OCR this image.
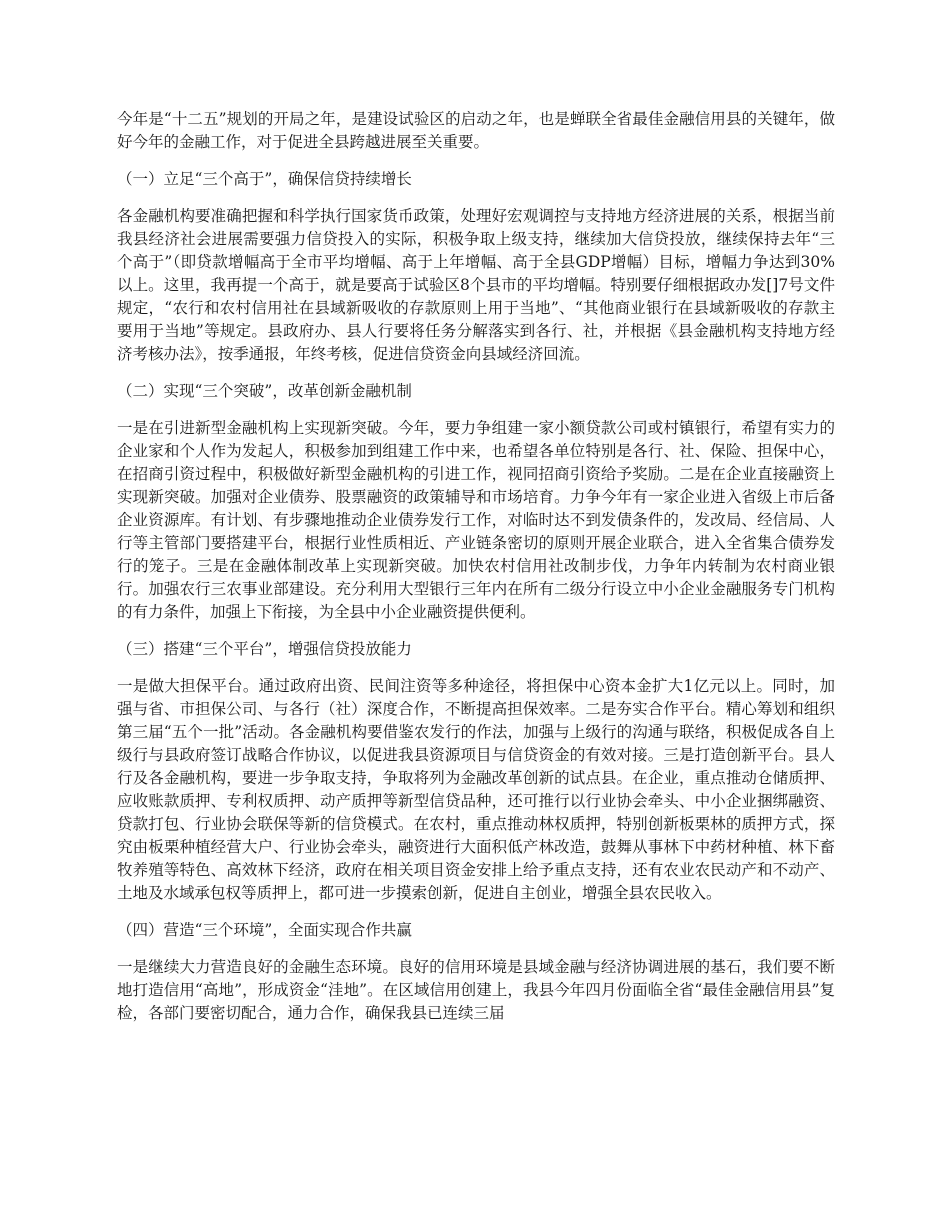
今年是“十二五”规划的开局之年，是建设试验区的启动之年，也是蝉联全省最佳金融信用县的关键年，做好今年的金融工作，对于促进全县跨越进展至关重要。

（一）立足“三个高于”，确保信贷持续增长

各金融机构要准确把握和科学执行国家货币政策，处理好宏观调控与支持地方经济进展的关系，根据当前我县经济社会进展需要强力信贷投入的实际，积极争取上级支持，继续加大信贷投放，继续保持去年“三个高于”（即贷款增幅高于全市平均增幅、高于上年增幅、高于全县GDP增幅）目标，增幅力争达到30%以上。这里，我再提一个高于，就是要高于试验区8个县市的平均增幅。特别要仔细根据政办发[]7号文件规定，“农行和农村信用社在县域新吸收的存款原则上用于当地”、“其他商业银行在县域新吸收的存款主要用于当地”等规定。县政府办、县人行要将任务分解落实到各行、社，并根据《县金融机构支持地方经济考核办法》，按季通报，年终考核，促进信贷资金向县域经济回流。

（二）实现“三个突破”，改革创新金融机制

一是在引进新型金融机构上实现新突破。今年，要力争组建一家小额贷款公司或村镇银行，希望有实力的企业家和个人作为发起人，积极参加到组建工作中来，也希望各单位特别是各行、社、保险、担保中心，在招商引资过程中，积极做好新型金融机构的引进工作，视同招商引资给予奖励。二是在企业直接融资上实现新突破。加强对企业债券、股票融资的政策辅导和市场培育。力争今年有一家企业进入省级上市后备企业资源库。有计划、有步骤地推动企业债券发行工作，对临时达不到发债条件的，发改局、经信局、人行等主管部门要搭建平台，根据行业性质相近、产业链条密切的原则开展企业联合，进入全省集合债券发行的笼子。三是在金融体制改革上实现新突破。加快农村信用社改制步伐，力争年内转制为农村商业银行。加强农行三农事业部建设。充分利用大型银行三年内在所有二级分行设立中小企业金融服务专门机构的有力条件，加强上下衔接，为全县中小企业融资提供便利。

（三）搭建“三个平台”，增强信贷投放能力

一是做大担保平台。通过政府出资、民间注资等多种途径，将担保中心资本金扩大1亿元以上。同时，加强与省、市担保公司、与各行（社）深度合作，不断提高担保效率。二是夯实合作平台。精心筹划和组织第三届“五个一批”活动。各金融机构要借鉴农发行的作法，加强与上级行的沟通与联络，积极促成各自上级行与县政府签订战略合作协议，以促进我县资源项目与信贷资金的有效对接。三是打造创新平台。县人行及各金融机构，要进一步争取支持，争取将列为金融改革创新的试点县。在企业，重点推动仓储质押、应收账款质押、专利权质押、动产质押等新型信贷品种，还可推行以行业协会牵头、中小企业捆绑融资、贷款打包、行业协会联保等新的信贷模式。在农村，重点推动林权质押，特别创新板栗林的质押方式，探究由板栗种植经营大户、行业协会牵头，融资进行大面积低产林改造，鼓舞从事林下中药材种植、林下畜牧养殖等特色、高效林下经济，政府在相关项目资金安排上给予重点支持，还有农业农民动产和不动产、土地及水域承包权等质押上，都可进一步摸索创新，促进自主创业，增强全县农民收入。

（四）营造“三个环境”，全面实现合作共赢

一是继续大力营造良好的金融生态环境。良好的信用环境是县域金融与经济协调进展的基石，我们要不断地打造信用“高地”，形成资金“洼地”。在区域信用创建上，我县今年四月份面临全省“最佳金融信用县”复检，各部门要密切配合，通力合作，确保我县已连续三届
